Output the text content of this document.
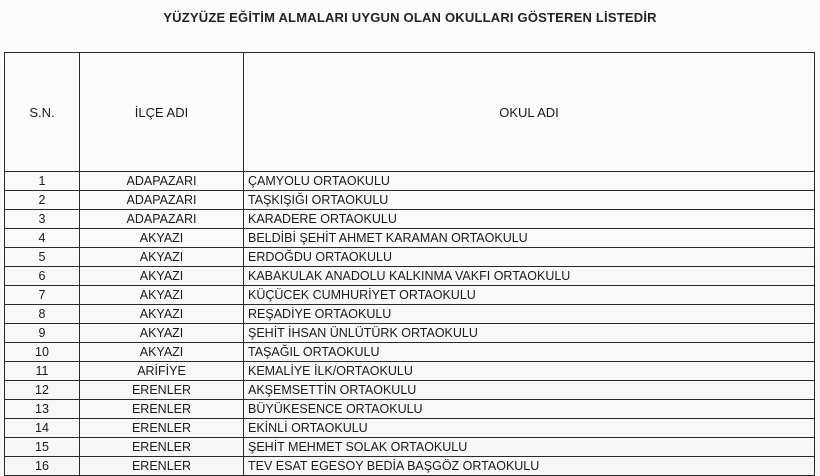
YÜZYÜZE EĞİTİM ALMALARI UYGUN OLAN OKULLARI GÖSTEREN LİSTEDİR
S.N.	İLÇE ADI	OKUL ADI
1	ADAPAZARI	ÇAMYOLU ORTAOKULU
2	ADAPAZARI	TAŞKIŞIĞI ORTAOKULU
3	ADAPAZARI	KARADERE ORTAOKULU
4	AKYAZI	BELDİBİ ŞEHİT AHMET KARAMAN ORTAOKULU
5	AKYAZI	ERDOĞDU ORTAOKULU
6	AKYAZI	KABAKULAK ANADOLU KALKINMA VAKFI ORTAOKULU
7	AKYAZI	KÜÇÜCEK CUMHURİYET ORTAOKULU
8	AKYAZI	REŞADİYE ORTAOKULU
9	AKYAZI	ŞEHİT İHSAN ÜNLÜTÜRK ORTAOKULU
10	AKYAZI	TAŞAĞIL ORTAOKULU
11	ARİFİYE	KEMALİYE İLK/ORTAOKULU
12	ERENLER	AKŞEMSETTİN ORTAOKULU
13	ERENLER	BÜYÜKESENCE ORTAOKULU
14	ERENLER	EKİNLİ ORTAOKULU
15	ERENLER	ŞEHİT MEHMET SOLAK ORTAOKULU
16	ERENLER	TEV ESAT EGESOY BEDİA BAŞGÖZ ORTAOKULU
